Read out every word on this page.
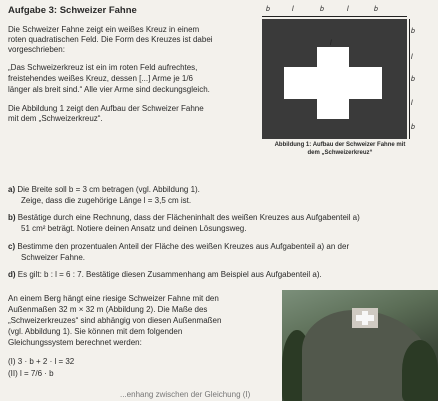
Aufgabe 3: Schweizer Fahne
Die Schweizer Fahne zeigt ein weißes Kreuz in einem
roten quadratischen Feld. Die Form des Kreuzes ist dabei
vorgeschrieben:
„Das Schweizerkreuz ist ein im roten Feld aufrechtes,
freistehendes weißes Kreuz, dessen [...] Arme je 1/6
länger als breit sind.“ Alle vier Arme sind deckungsgleich.
Die Abbildung 1 zeigt den Aufbau der Schweizer Fahne
mit dem „Schweizerkreuz“.
b	l	b	l	b
b
l
b
l
b
l
b
Abbildung 1: Aufbau der Schweizer Fahne mit
dem „Schweizerkreuz“
a) Die Breite soll b = 3 cm betragen (vgl. Abbildung 1).
Zeige, dass die zugehörige Länge l = 3,5 cm ist.
b) Bestätige durch eine Rechnung, dass der Flächeninhalt des weißen Kreuzes aus Aufgabenteil a)
51 cm² beträgt. Notiere deinen Ansatz und deinen Lösungsweg.
c) Bestimme den prozentualen Anteil der Fläche des weißen Kreuzes aus Aufgabenteil a) an der
Schweizer Fahne.
d) Es gilt: b : l = 6 : 7. Bestätige diesen Zusammenhang am Beispiel aus Aufgabenteil a).
An einem Berg hängt eine riesige Schweizer Fahne mit den
Außenmaßen 32 m × 32 m (Abbildung 2). Die Maße des
„Schweizerkreuzes“ sind abhängig von diesen Außenmaßen
(vgl. Abbildung 1). Sie können mit dem folgenden
Gleichungssystem berechnet werden:
(I) 3 · b + 2 · l = 32
(II) l = 7/6 · b
...enhang zwischen der Gleichung (I)
